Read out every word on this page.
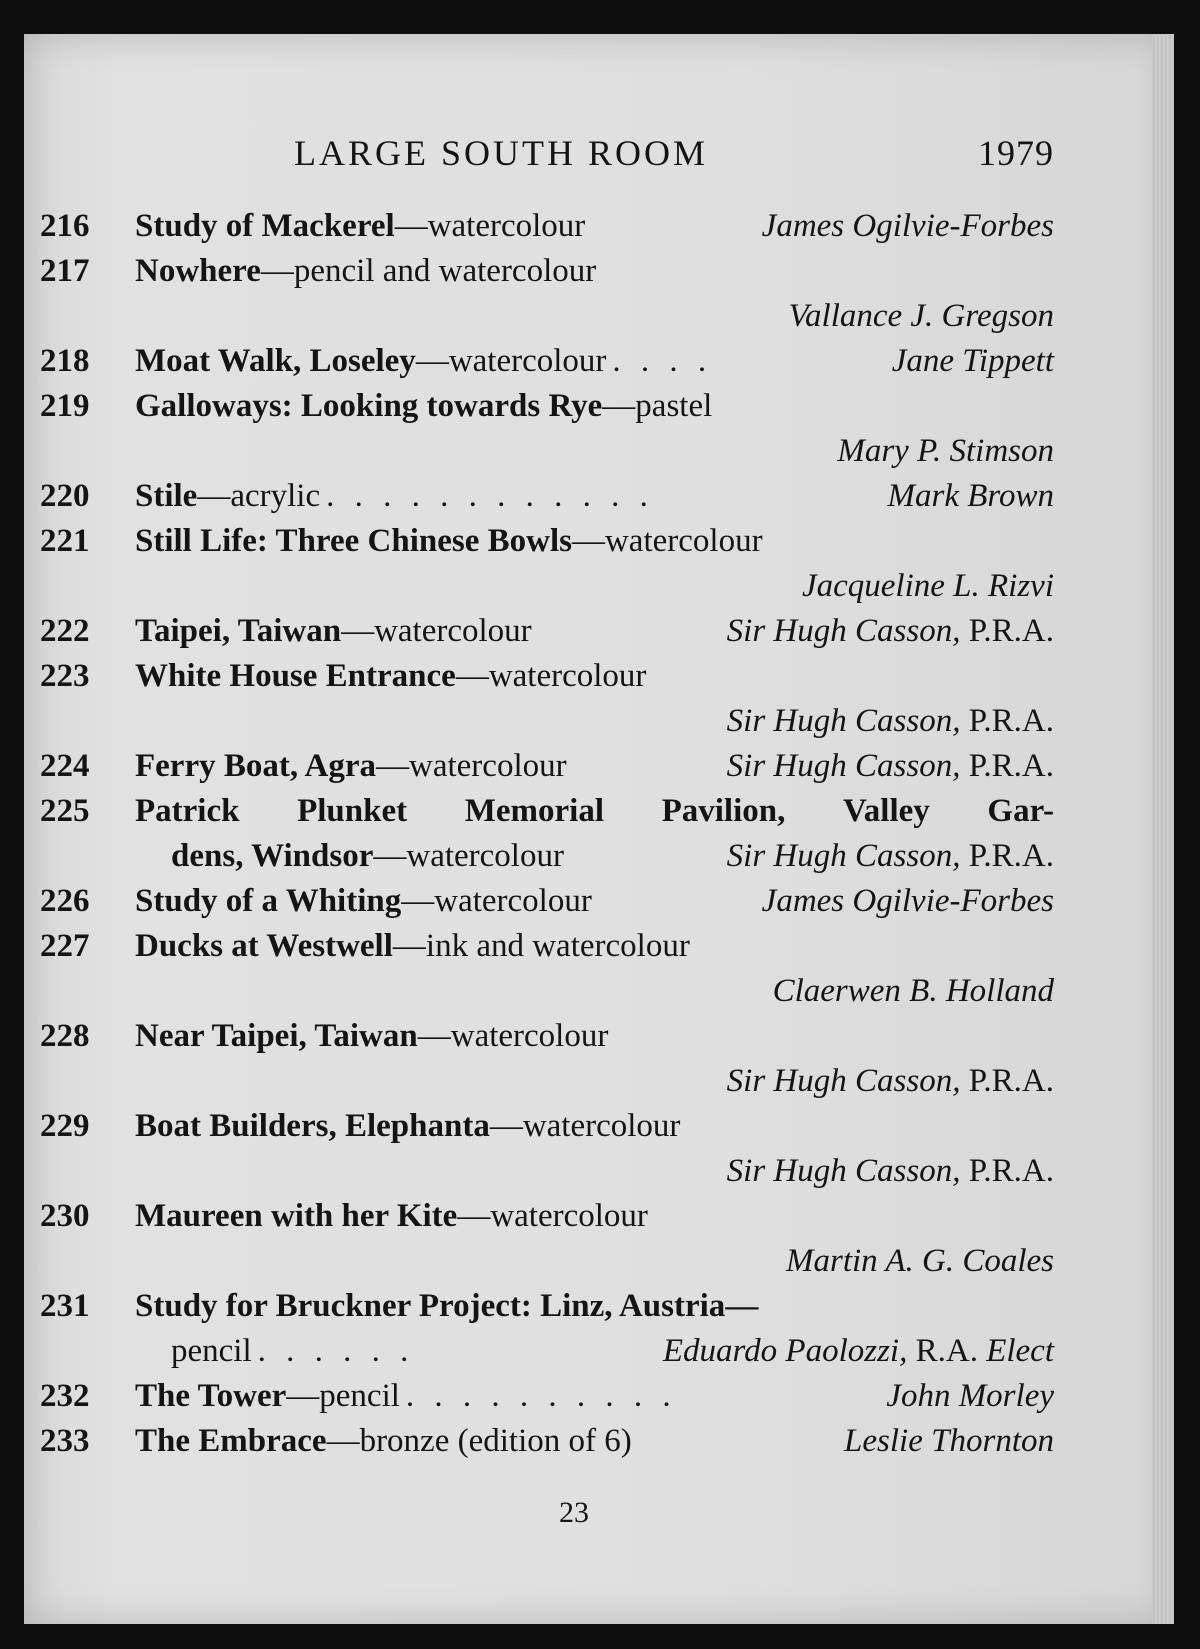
LARGE SOUTH ROOM	1979
216 Study of Mackerel—watercolour	James Ogilvie-Forbes
217 Nowhere—pencil and watercolour
Vallance J. Gregson
218 Moat Walk, Loseley—watercolour . . . .	Jane Tippett
219 Galloways: Looking towards Rye—pastel
Mary P. Stimson
220 Stile—acrylic . . . . . . . . . . . .	Mark Brown
221 Still Life: Three Chinese Bowls—watercolour
Jacqueline L. Rizvi
222 Taipei, Taiwan—watercolour	Sir Hugh Casson, P.R.A.
223 White House Entrance—watercolour
Sir Hugh Casson, P.R.A.
224 Ferry Boat, Agra—watercolour	Sir Hugh Casson, P.R.A.
225 Patrick Plunket Memorial Pavilion, Valley Gar-
dens, Windsor—watercolour	Sir Hugh Casson, P.R.A.
226 Study of a Whiting—watercolour	James Ogilvie-Forbes
227 Ducks at Westwell—ink and watercolour
Claerwen B. Holland
228 Near Taipei, Taiwan—watercolour
Sir Hugh Casson, P.R.A.
229 Boat Builders, Elephanta—watercolour
Sir Hugh Casson, P.R.A.
230 Maureen with her Kite—watercolour
Martin A. G. Coales
231 Study for Bruckner Project: Linz, Austria—
pencil . . . . . .	Eduardo Paolozzi, R.A. Elect
232 The Tower—pencil . . . . . . . . . .	John Morley
233 The Embrace—bronze (edition of 6)	Leslie Thornton
23
